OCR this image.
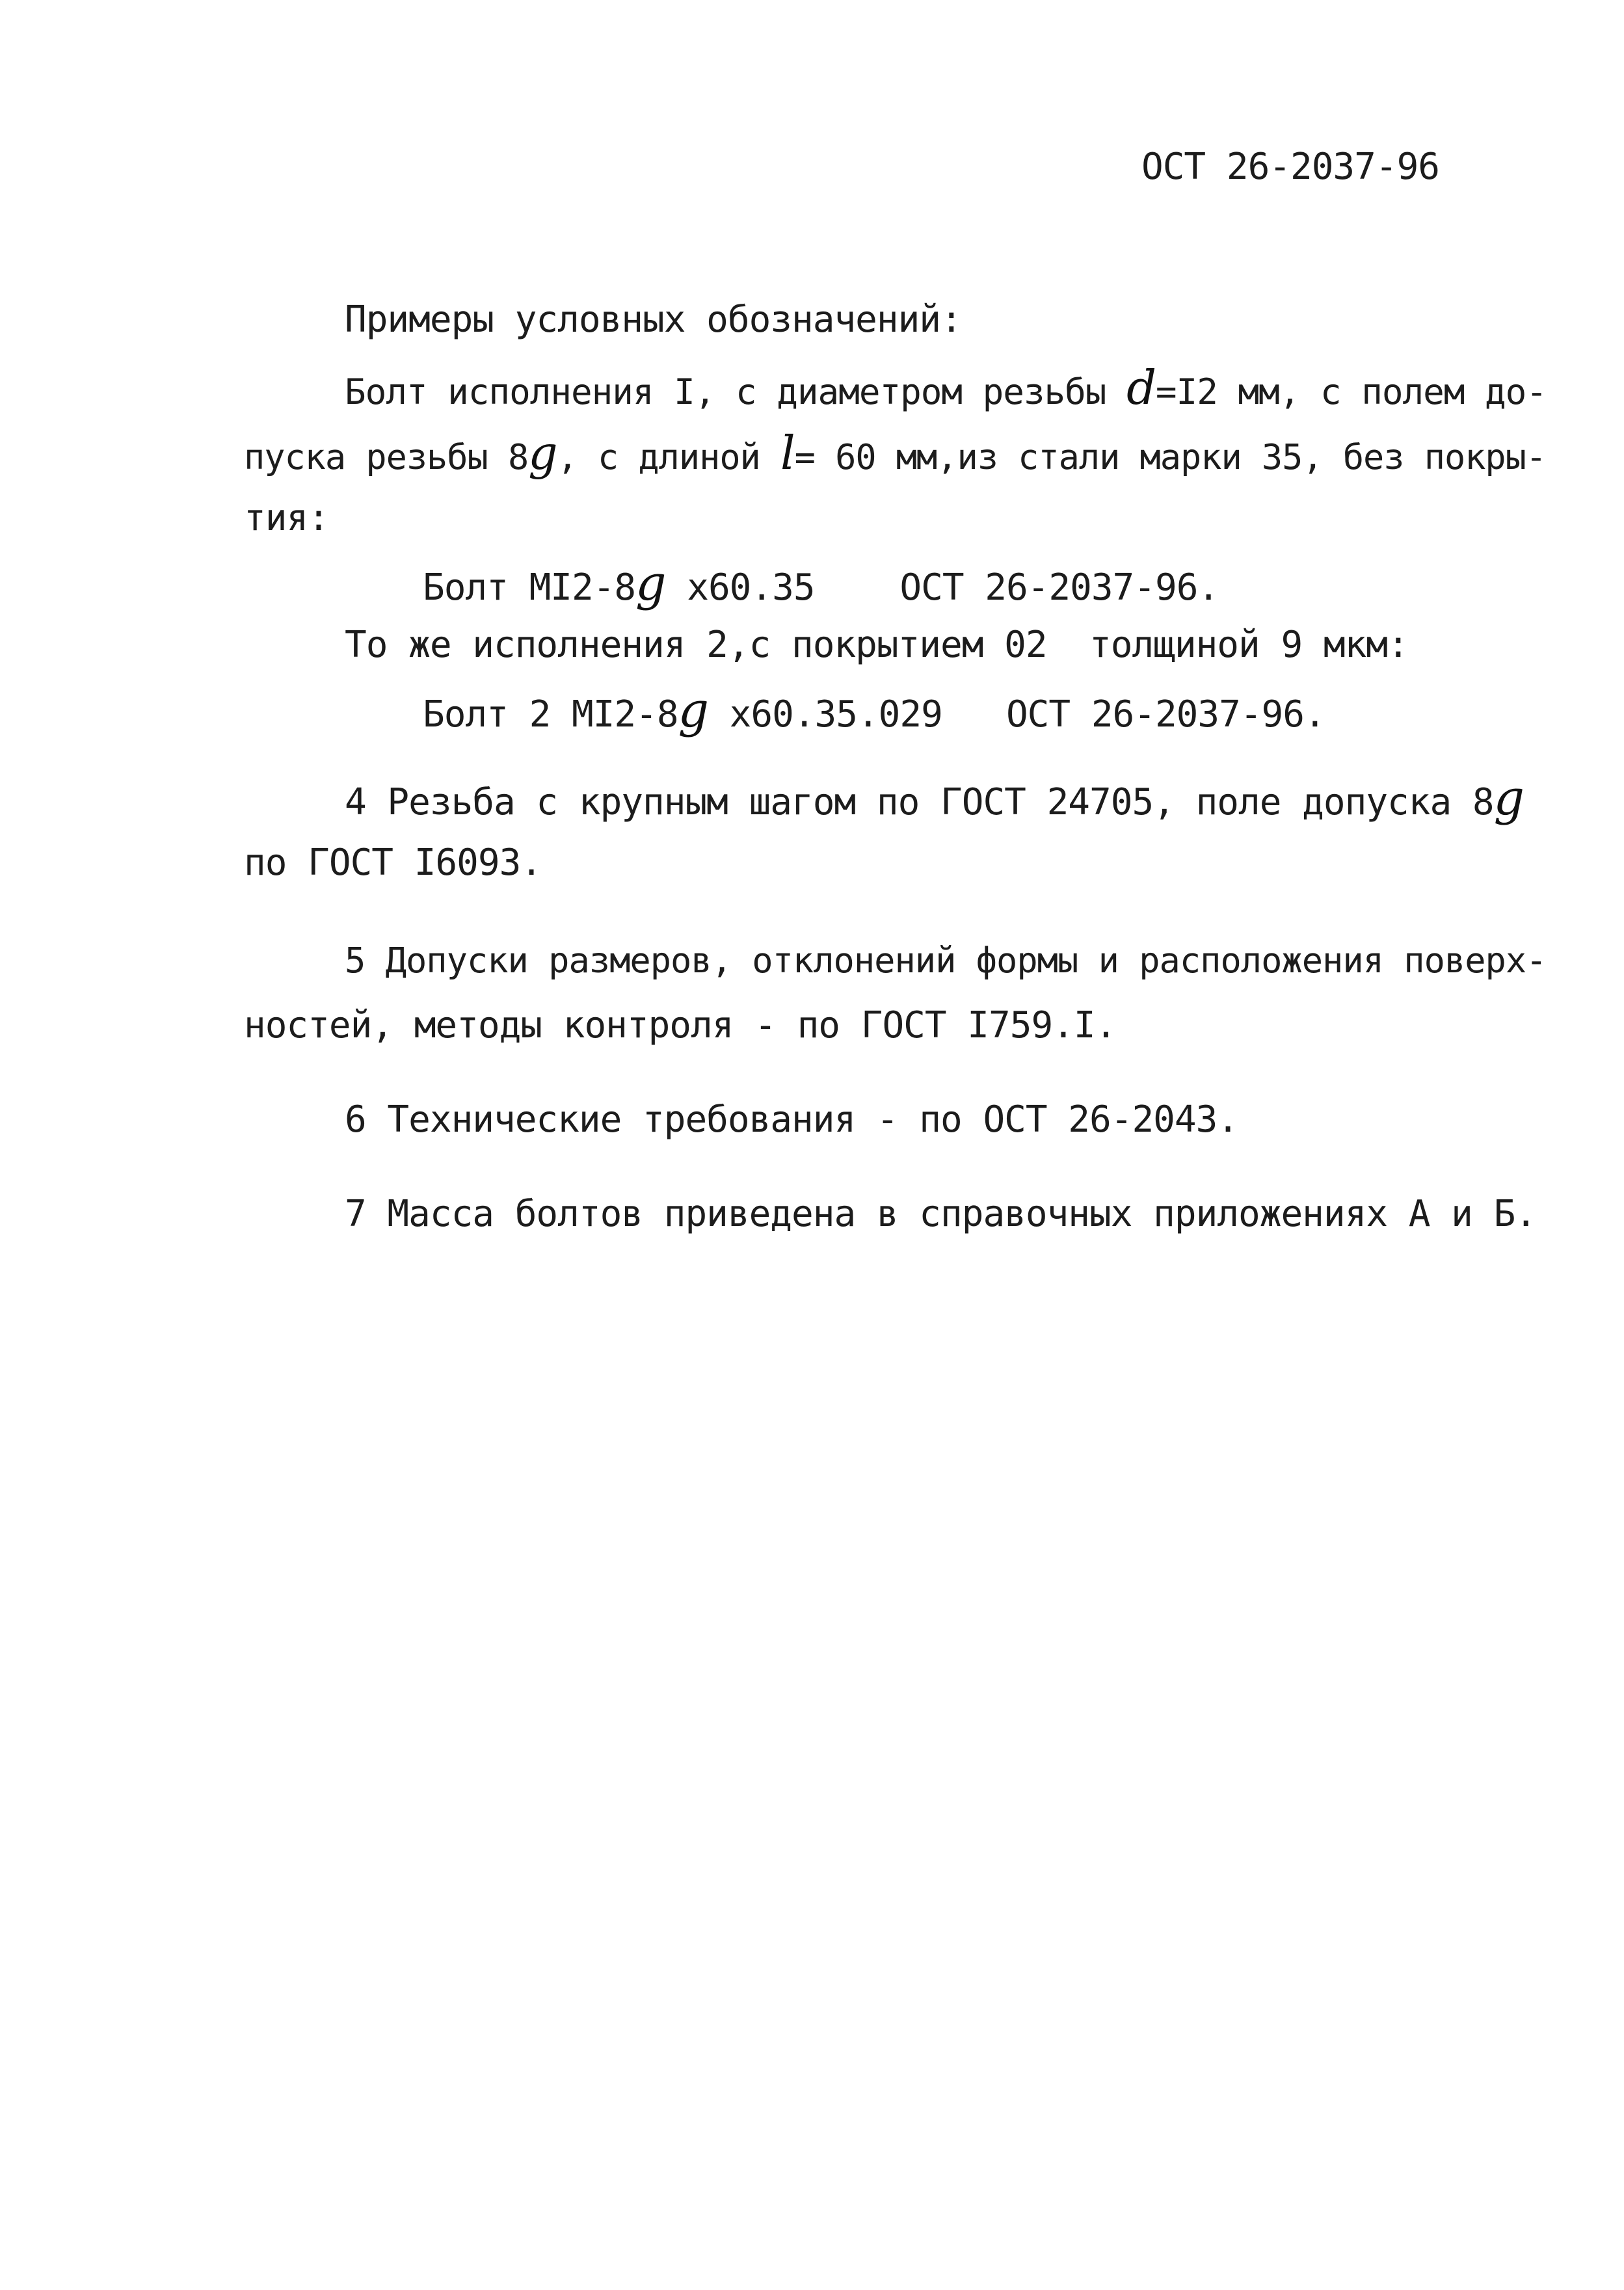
ОСТ 26-2037-96
Примеры условных обозначений:
Болт исполнения I, с диаметром резьбы d=I2 мм, с полем до-
пуска резьбы 8g, с длиной l= 60 мм,из стали марки 35, без покры-
тия:
Болт МI2-8g x60.35    ОСТ 26-2037-96.
То же исполнения 2,с покрытием 02  толщиной 9 мкм:
Болт 2 МI2-8g x60.35.029   ОСТ 26-2037-96.
4 Резьба с крупным шагом по ГОСТ 24705, поле допуска 8g
по ГОСТ I6093.
5 Допуски размеров, отклонений формы и расположения поверх-
ностей, методы контроля - по ГОСТ I759.I.
6 Технические требования - по ОСТ 26-2043.
7 Масса болтов приведена в справочных приложениях А и Б.
